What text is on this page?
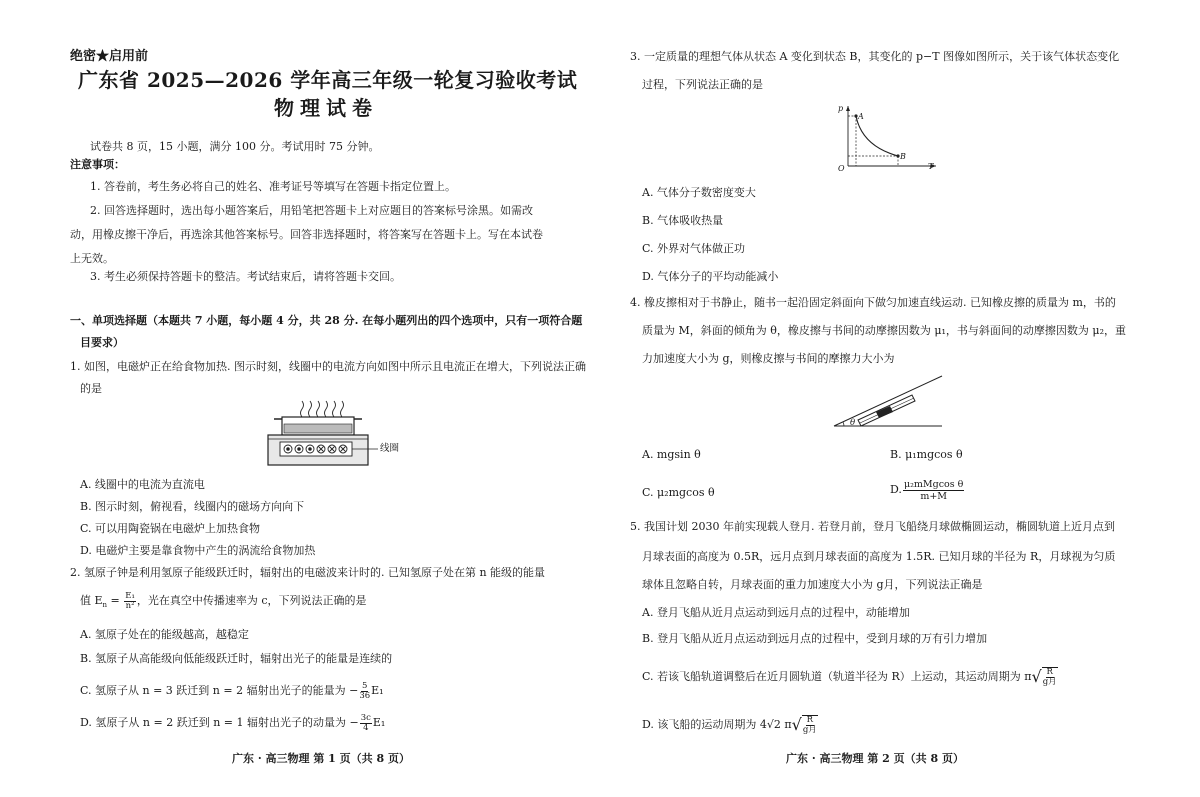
绝密★启用前
广东省 2025—2026 学年高三年级一轮复习验收考试
物理试卷
试卷共 8 页，15 小题，满分 100 分。考试用时 75 分钟。
注意事项：
1. 答卷前，考生务必将自己的姓名、准考证号等填写在答题卡指定位置上。
2. 回答选择题时，选出每小题答案后，用铅笔把答题卡上对应题目的答案标号涂黑。如需改
动，用橡皮擦干净后，再选涂其他答案标号。回答非选择题时，将答案写在答题卡上。写在本试卷
上无效。
3. 考生必须保持答题卡的整洁。考试结束后，请将答题卡交回。
一、单项选择题（本题共 7 小题，每小题 4 分，共 28 分. 在每小题列出的四个选项中，只有一项符合题
目要求）
1. 如图，电磁炉正在给食物加热. 图示时刻，线圈中的电流方向如图中所示且电流正在增大，下列说法正确
的是
线圈
A. 线圈中的电流为直流电
B. 图示时刻，俯视看，线圈内的磁场方向向下
C. 可以用陶瓷锅在电磁炉上加热食物
D. 电磁炉主要是靠食物中产生的涡流给食物加热
2. 氢原子钟是利用氢原子能级跃迁时，辐射出的电磁波来计时的. 已知氢原子处在第 n 能级的能量
值 $E_n = \frac{\text{E₁}}{\text{n²}}$ ，光在真空中传播速率为 c，下列说法正确的是
A. 氢原子处在的能级越高，越稳定
B. 氢原子从高能级向低能级跃迁时，辐射出光子的能量是连续的
C. 氢原子从 n = 3 跃迁到 n = 2 辐射出光子的能量为 − $\frac{5}{36} E_1$
D. 氢原子从 n = 2 跃迁到 n = 1 辐射出光子的动量为 − $\frac{3c}{4} E_1$
广东 · 高三物理 第 1 页（共 8 页）
3. 一定质量的理想气体从状态 A 变化到状态 B，其变化的 p−T 图像如图所示，关于该气体状态变化
过程，下列说法正确的是
p
T
O
A
B
A. 气体分子数密度变大
B. 气体吸收热量
C. 外界对气体做正功
D. 气体分子的平均动能减小
4. 橡皮擦相对于书静止，随书一起沿固定斜面向下做匀加速直线运动. 已知橡皮擦的质量为 m，书的
质量为 M，斜面的倾角为 θ，橡皮擦与书间的动摩擦因数为 μ₁，书与斜面间的动摩擦因数为 μ₂，重
力加速度大小为 g，则橡皮擦与书间的摩擦力大小为
θ
A. mgsin θ	B. μ₁mgcos θ
C. μ₂mgcos θ	D. $\frac{\text{μ₂mMgcos θ}}{m+M}$
5. 我国计划 2030 年前实现载人登月. 若登月前，登月飞船绕月球做椭圆运动，椭圆轨道上近月点到
月球表面的高度为 0.5R，远月点到月球表面的高度为 1.5R. 已知月球的半径为 R，月球视为匀质
球体且忽略自转，月球表面的重力加速度大小为 g月，下列说法正确是
A. 登月飞船从近月点运动到远月点的过程中，动能增加
B. 登月飞船从近月点运动到远月点的过程中，受到月球的万有引力增加
C. 若该飞船轨道调整后在近月圆轨道（轨道半径为 R）上运动，其运动周期为 π √ $\frac{R}{\text{g月}}$
D. 该飞船的运动周期为 4√2 π √ $\frac{R}{\text{g月}}$
广东 · 高三物理 第 2 页（共 8 页）
